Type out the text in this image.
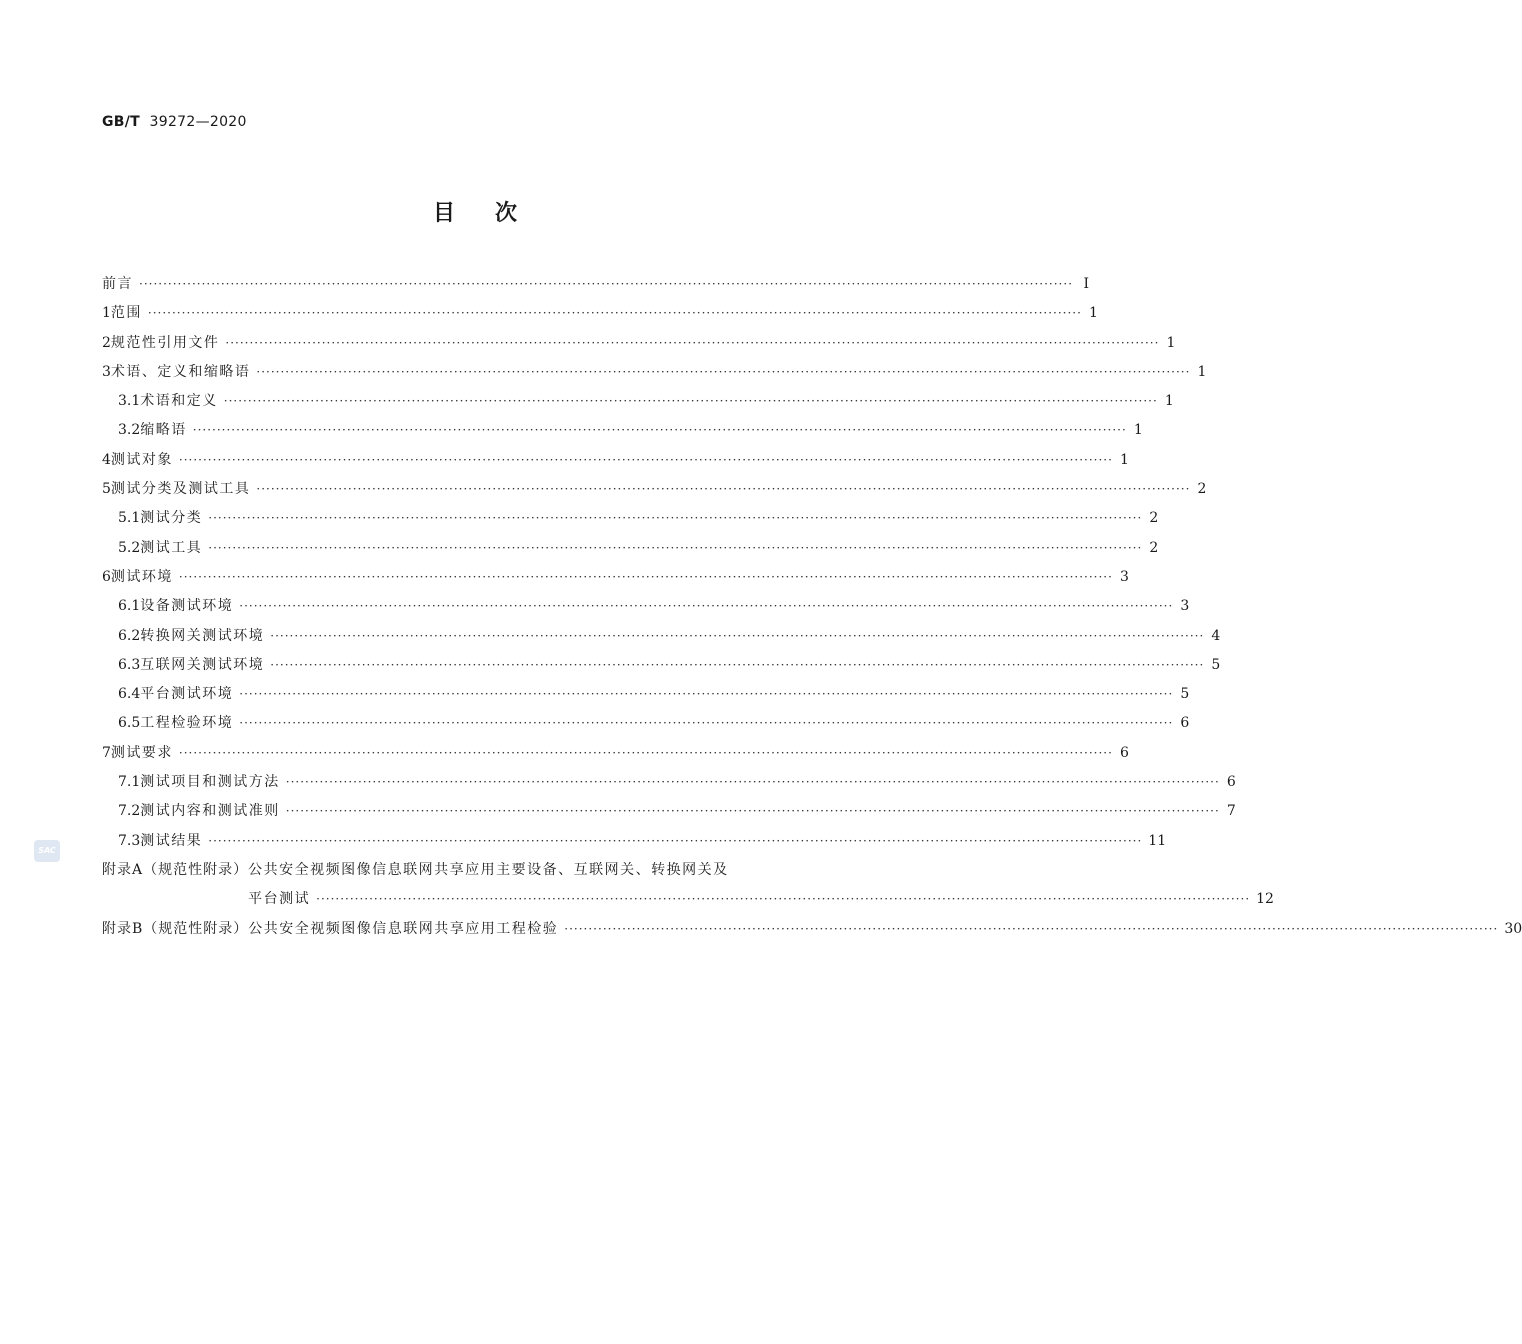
GB/T 39272—2020
目次
前言 ·····	I
1 范围 ·····	1
2 规范性引用文件 ·····	1
3 术语、定义和缩略语 ·····	1
3.1 术语和定义 ·····	1
3.2 缩略语 ·····	1
4 测试对象 ·····	1
5 测试分类及测试工具 ·····	2
5.1 测试分类 ·····	2
5.2 测试工具 ·····	2
6 测试环境 ·····	3
6.1 设备测试环境 ·····	3
6.2 转换网关测试环境 ·····	4
6.3 互联网关测试环境 ·····	5
6.4 平台测试环境 ·····	5
6.5 工程检验环境 ·····	6
7 测试要求 ·····	6
7.1 测试项目和测试方法 ·····	6
7.2 测试内容和测试准则 ·····	7
7.3 测试结果 ·····	11
附录A（规范性附录） 公共安全视频图像信息联网共享应用主要设备、互联网关、转换网关及
平台测试 ·····	12
附录B（规范性附录） 公共安全视频图像信息联网共享应用工程检验 ·····	30
SAC
